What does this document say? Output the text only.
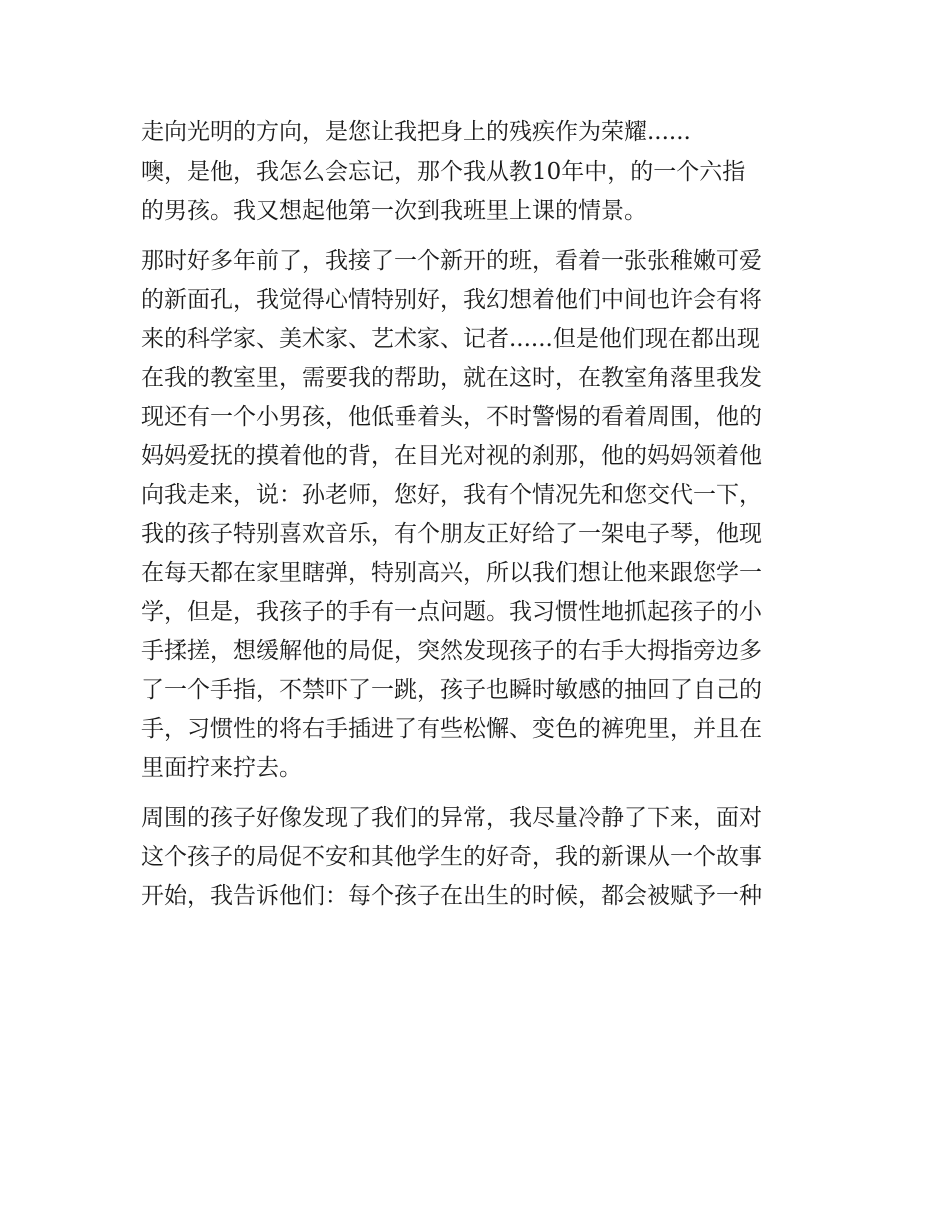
走向光明的方向，是您让我把身上的残疾作为荣耀......
噢，是他，我怎么会忘记，那个我从教10年中，的一个六指
的男孩。我又想起他第一次到我班里上课的情景。
那时好多年前了，我接了一个新开的班，看着一张张稚嫩可爱
的新面孔，我觉得心情特别好，我幻想着他们中间也许会有将
来的科学家、美术家、艺术家、记者......但是他们现在都出现
在我的教室里，需要我的帮助，就在这时，在教室角落里我发
现还有一个小男孩，他低垂着头，不时警惕的看着周围，他的
妈妈爱抚的摸着他的背，在目光对视的刹那，他的妈妈领着他
向我走来，说：孙老师，您好，我有个情况先和您交代一下，
我的孩子特别喜欢音乐，有个朋友正好给了一架电子琴，他现
在每天都在家里瞎弹，特别高兴，所以我们想让他来跟您学一
学，但是，我孩子的手有一点问题。我习惯性地抓起孩子的小
手揉搓，想缓解他的局促，突然发现孩子的右手大拇指旁边多
了一个手指，不禁吓了一跳，孩子也瞬时敏感的抽回了自己的
手，习惯性的将右手插进了有些松懈、变色的裤兜里，并且在
里面拧来拧去。
周围的孩子好像发现了我们的异常，我尽量冷静了下来，面对
这个孩子的局促不安和其他学生的好奇，我的新课从一个故事
开始，我告诉他们：每个孩子在出生的时候，都会被赋予一种
